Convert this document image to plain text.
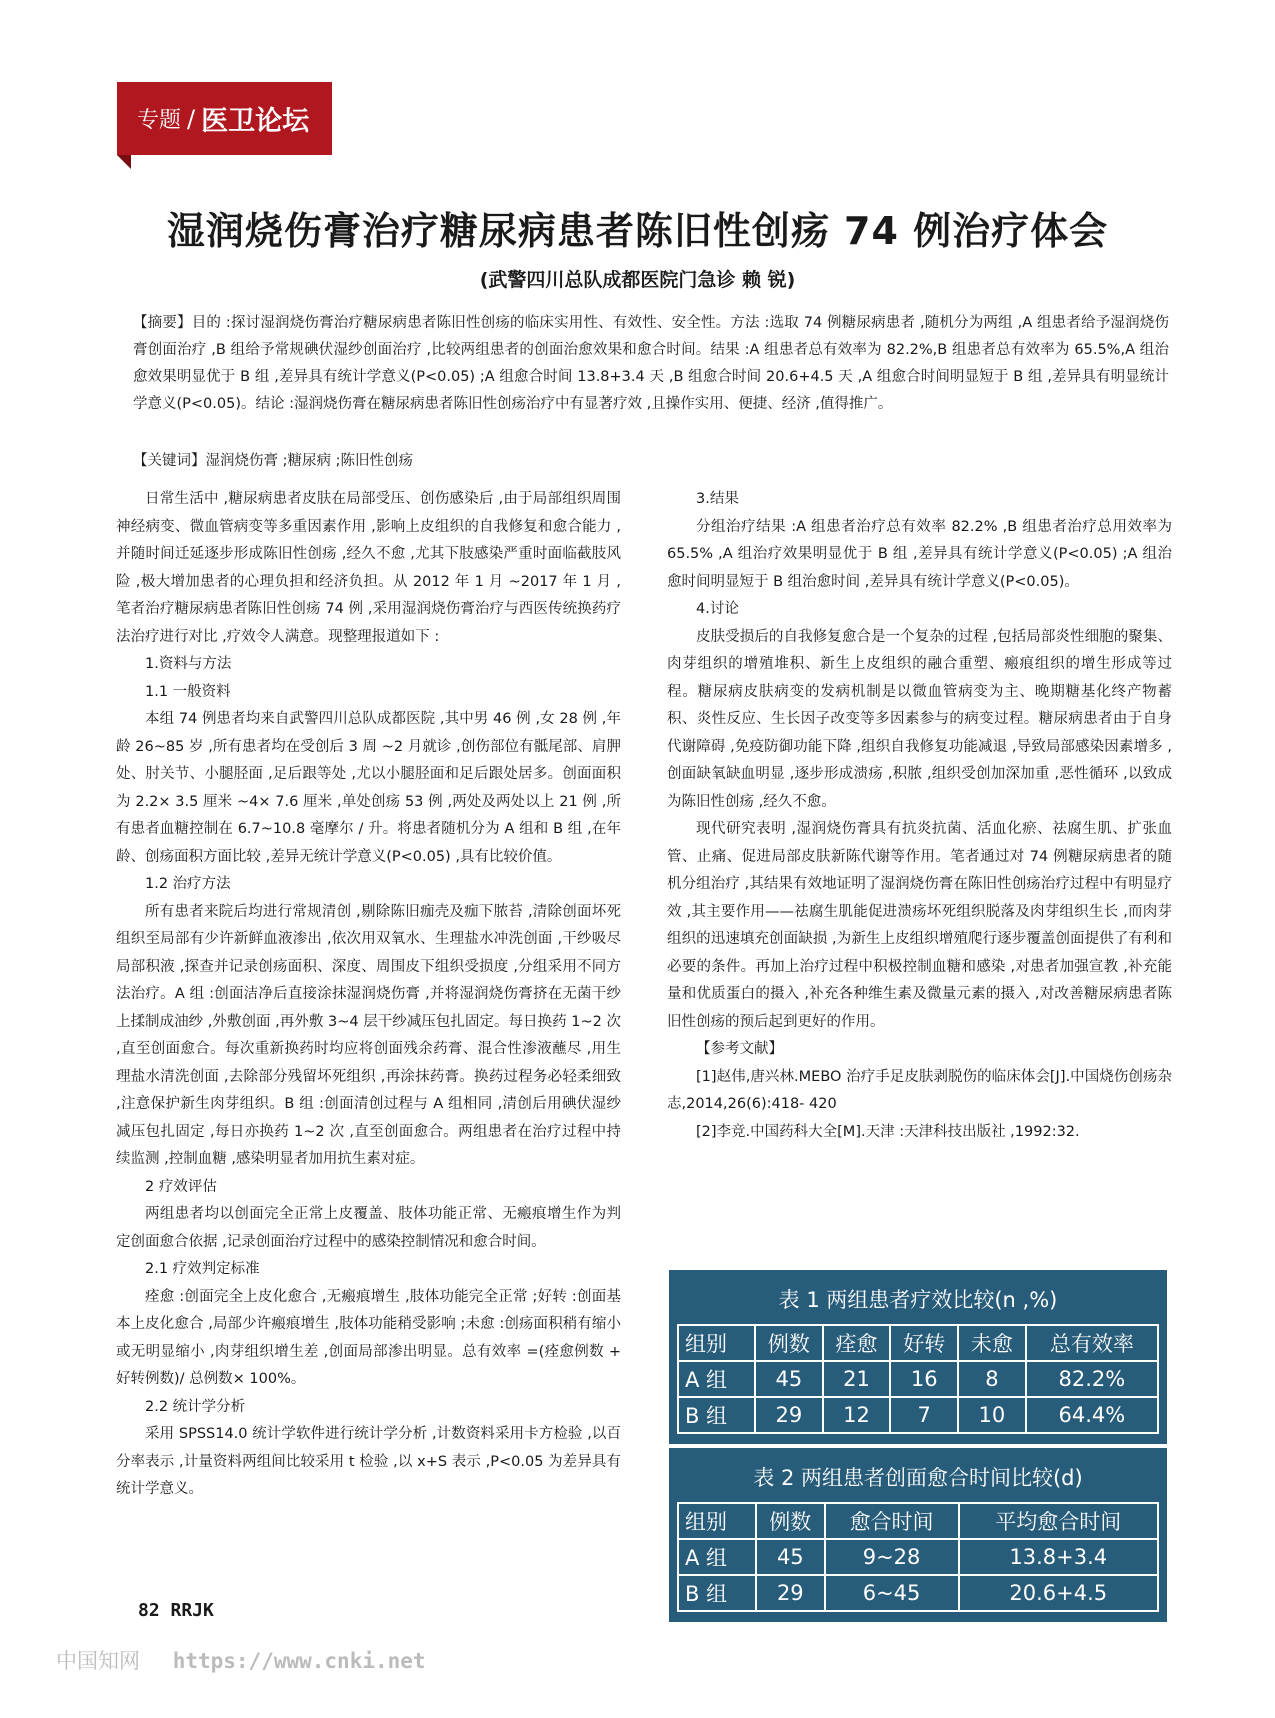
专题 / 医卫论坛
湿润烧伤膏治疗糖尿病患者陈旧性创疡 74 例治疗体会
(武警四川总队成都医院门急诊 赖 锐)
【摘要】目的 :探讨湿润烧伤膏治疗糖尿病患者陈旧性创疡的临床实用性、有效性、安全性。方法 :选取 74 例糖尿病患者 ,随机分为两组 ,A 组患者给予湿润烧伤膏创面治疗 ,B 组给予常规碘伏湿纱创面治疗 ,比较两组患者的创面治愈效果和愈合时间。结果 :A 组患者总有效率为 82.2%,B 组患者总有效率为 65.5%,A 组治愈效果明显优于 B 组 ,差异具有统计学意义(P<0.05) ;A 组愈合时间 13.8+3.4 天 ,B 组愈合时间 20.6+4.5 天 ,A 组愈合时间明显短于 B 组 ,差异具有明显统计学意义(P<0.05)。结论 :湿润烧伤膏在糖尿病患者陈旧性创疡治疗中有显著疗效 ,且操作实用、便捷、经济 ,值得推广。
【关键词】湿润烧伤膏 ;糖尿病 ;陈旧性创疡

日常生活中 ,糖尿病患者皮肤在局部受压、创伤感染后 ,由于局部组织周围神经病变、微血管病变等多重因素作用 ,影响上皮组织的自我修复和愈合能力 ,并随时间迁延逐步形成陈旧性创疡 ,经久不愈 ,尤其下肢感染严重时面临截肢风险 ,极大增加患者的心理负担和经济负担。从 2012 年 1 月 ~2017 年 1 月 ,笔者治疗糖尿病患者陈旧性创疡 74 例 ,采用湿润烧伤膏治疗与西医传统换药疗法治疗进行对比 ,疗效令人满意。现整理报道如下 :

1.资料与方法

1.1 一般资料

本组 74 例患者均来自武警四川总队成都医院 ,其中男 46 例 ,女 28 例 ,年龄 26~85 岁 ,所有患者均在受创后 3 周 ~2 月就诊 ,创伤部位有骶尾部、肩胛处、肘关节、小腿胫面 ,足后跟等处 ,尤以小腿胫面和足后跟处居多。创面面积为 2.2× 3.5 厘米 ~4× 7.6 厘米 ,单处创疡 53 例 ,两处及两处以上 21 例 ,所有患者血糖控制在 6.7~10.8 毫摩尔 / 升。将患者随机分为 A 组和 B 组 ,在年龄、创疡面积方面比较 ,差异无统计学意义(P<0.05) ,具有比较价值。

1.2 治疗方法

所有患者来院后均进行常规清创 ,剔除陈旧痂壳及痂下脓苔 ,清除创面坏死组织至局部有少许新鲜血液渗出 ,依次用双氧水、生理盐水冲洗创面 ,干纱吸尽局部积液 ,探查并记录创疡面积、深度、周围皮下组织受损度 ,分组采用不同方法治疗。A 组 :创面洁净后直接涂抹湿润烧伤膏 ,并将湿润烧伤膏挤在无菌干纱上揉制成油纱 ,外敷创面 ,再外敷 3~4 层干纱减压包扎固定。每日换药 1~2 次 ,直至创面愈合。每次重新换药时均应将创面残余药膏、混合性渗液蘸尽 ,用生理盐水清洗创面 ,去除部分残留坏死组织 ,再涂抹药膏。换药过程务必轻柔细致 ,注意保护新生肉芽组织。B 组 :创面清创过程与 A 组相同 ,清创后用碘伏湿纱减压包扎固定 ,每日亦换药 1~2 次 ,直至创面愈合。两组患者在治疗过程中持续监测 ,控制血糖 ,感染明显者加用抗生素对症。

2 疗效评估

两组患者均以创面完全正常上皮覆盖、肢体功能正常、无瘢痕增生作为判定创面愈合依据 ,记录创面治疗过程中的感染控制情况和愈合时间。

2.1 疗效判定标准

痊愈 :创面完全上皮化愈合 ,无瘢痕增生 ,肢体功能完全正常 ;好转 :创面基本上皮化愈合 ,局部少许瘢痕增生 ,肢体功能稍受影响 ;未愈 :创疡面积稍有缩小或无明显缩小 ,肉芽组织增生差 ,创面局部渗出明显。总有效率 =(痊愈例数 + 好转例数)/ 总例数× 100%。

2.2 统计学分析

采用 SPSS14.0 统计学软件进行统计学分析 ,计数资料采用卡方检验 ,以百分率表示 ,计量资料两组间比较采用 t 检验 ,以 x+S 表示 ,P<0.05 为差异具有统计学意义。

3.结果

分组治疗结果 :A 组患者治疗总有效率 82.2% ,B 组患者治疗总用效率为 65.5% ,A 组治疗效果明显优于 B 组 ,差异具有统计学意义(P<0.05) ;A 组治愈时间明显短于 B 组治愈时间 ,差异具有统计学意义(P<0.05)。

4.讨论

皮肤受损后的自我修复愈合是一个复杂的过程 ,包括局部炎性细胞的聚集、肉芽组织的增殖堆积、新生上皮组织的融合重塑、瘢痕组织的增生形成等过程。糖尿病皮肤病变的发病机制是以微血管病变为主、晚期糖基化终产物蓄积、炎性反应、生长因子改变等多因素参与的病变过程。糖尿病患者由于自身代谢障碍 ,免疫防御功能下降 ,组织自我修复功能减退 ,导致局部感染因素增多 ,创面缺氧缺血明显 ,逐步形成溃疡 ,积脓 ,组织受创加深加重 ,恶性循环 ,以致成为陈旧性创疡 ,经久不愈。

现代研究表明 ,湿润烧伤膏具有抗炎抗菌、活血化瘀、祛腐生肌、扩张血管、止痛、促进局部皮肤新陈代谢等作用。笔者通过对 74 例糖尿病患者的随机分组治疗 ,其结果有效地证明了湿润烧伤膏在陈旧性创疡治疗过程中有明显疗效 ,其主要作用——祛腐生肌能促进溃疡坏死组织脱落及肉芽组织生长 ,而肉芽组织的迅速填充创面缺损 ,为新生上皮组织增殖爬行逐步覆盖创面提供了有利和必要的条件。再加上治疗过程中积极控制血糖和感染 ,对患者加强宣教 ,补充能量和优质蛋白的摄入 ,补充各种维生素及微量元素的摄入 ,对改善糖尿病患者陈旧性创疡的预后起到更好的作用。

【参考文献】

[1]赵伟,唐兴林.MEBO 治疗手足皮肤剥脱伤的临床体会[J].中国烧伤创疡杂志,2014,26(6):418- 420

[2]李竞.中国药科大全[M].天津 :天津科技出版社 ,1992:32.

表 1 两组患者疗效比较(n ,%)
组别	例数	痊愈	好转	未愈	总有效率
A 组	45	21	16	8	82.2%
B 组	29	12	7	10	64.4%
表 2 两组患者创面愈合时间比较(d)
组别	例数	愈合时间	平均愈合时间
A 组	45	9~28	13.8+3.4
B 组	29	6~45	20.6+4.5
82 RRJK
中国知网 https://www.cnki.net
